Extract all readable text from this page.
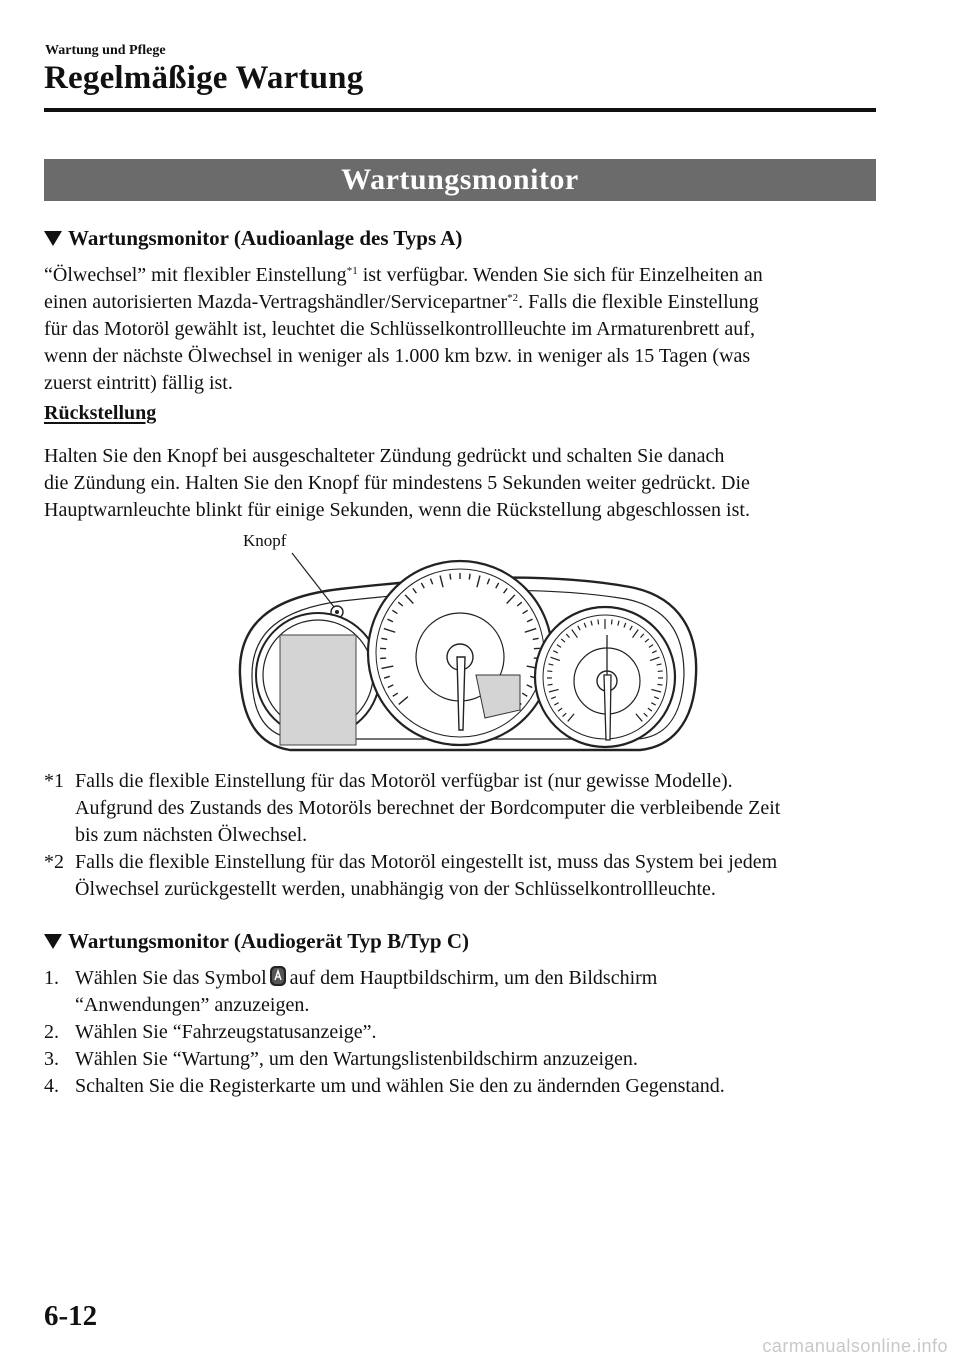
Wartung und Pflege
Regelmäßige Wartung
Wartungsmonitor
Wartungsmonitor (Audioanlage des Typs A)

“Ölwechsel” mit flexibler Einstellung$^{*1}$ ist verfügbar. Wenden Sie sich für Einzelheiten an

einen autorisierten Mazda-Vertragshändler/Servicepartner$^{*2}$. Falls die flexible Einstellung

für das Motoröl gewählt ist, leuchtet die Schlüsselkontrollleuchte im Armaturenbrett auf,

wenn der nächste Ölwechsel in weniger als 1.000 km bzw. in weniger als 15 Tagen (was

zuerst eintritt) fällig ist.

Rückstellung

Halten Sie den Knopf bei ausgeschalteter Zündung gedrückt und schalten Sie danach

die Zündung ein. Halten Sie den Knopf für mindestens 5 Sekunden weiter gedrückt. Die

Hauptwarnleuchte blinkt für einige Sekunden, wenn die Rückstellung abgeschlossen ist.

Knopf
*1 Falls die flexible Einstellung für das Motoröl verfügbar ist (nur gewisse Modelle).
Aufgrund des Zustands des Motoröls berechnet der Bordcomputer die verbleibende Zeit
bis zum nächsten Ölwechsel.
*2 Falls die flexible Einstellung für das Motoröl eingestellt ist, muss das System bei jedem
Ölwechsel zurückgestellt werden, unabhängig von der Schlüsselkontrollleuchte.
Wartungsmonitor (Audiogerät Typ B/Typ C)
1. Wählen Sie das Symbol auf dem Hauptbildschirm, um den Bildschirm
“Anwendungen” anzuzeigen.
2. Wählen Sie “Fahrzeugstatusanzeige”.
3. Wählen Sie “Wartung”, um den Wartungslistenbildschirm anzuzeigen.
4. Schalten Sie die Registerkarte um und wählen Sie den zu ändernden Gegenstand.
6-12
carmanualsonline.info
